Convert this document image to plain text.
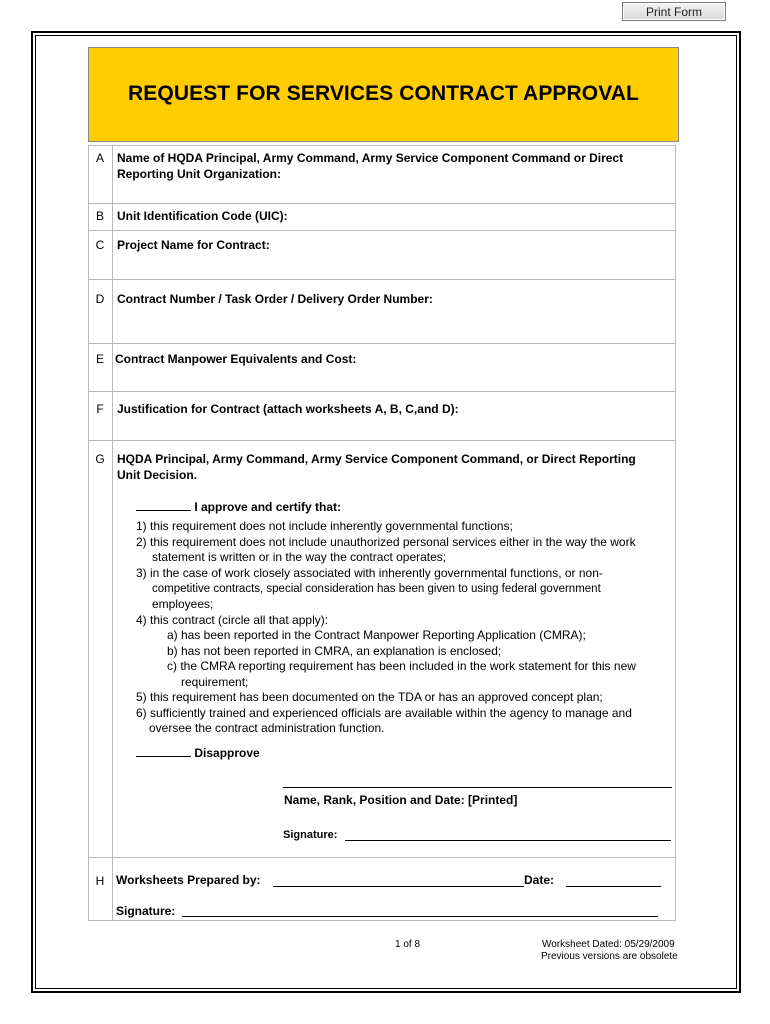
Print Form
REQUEST FOR SERVICES CONTRACT APPROVAL
A	Name of HQDA Principal, Army Command, Army Service Component Command or Direct
Reporting Unit Organization:
B	Unit Identification Code (UIC):
C	Project Name for Contract:
D	Contract Number / Task Order / Delivery Order Number:
E Contract Manpower Equivalents and Cost:
F	Justification for Contract (attach worksheets A, B, C,and D):
G	HQDA Principal, Army Command, Army Service Component Command, or Direct Reporting
Unit Decision.
I approve and certify that:
1) this requirement does not include inherently governmental functions;
2) this requirement does not include unauthorized personal services either in the way the work
statement is written or in the way the contract operates;
3) in the case of work closely associated with inherently governmental functions, or non-
competitive contracts, special consideration has been given to using federal government
employees;
4) this contract (circle all that apply):
a) has been reported in the Contract Manpower Reporting Application (CMRA);
b) has not been reported in CMRA, an explanation is enclosed;
c) the CMRA reporting requirement has been included in the work statement for this new
requirement;
5) this requirement has been documented on the TDA or has an approved concept plan;
6) sufficiently trained and experienced officials are available within the agency to manage and
oversee the contract administration function.
Disapprove
Name, Rank, Position and Date: [Printed]
Signature:
H Worksheets Prepared by:	Date:
Signature:
1 of 8	Worksheet Dated: 05/29/2009
Previous versions are obsolete
